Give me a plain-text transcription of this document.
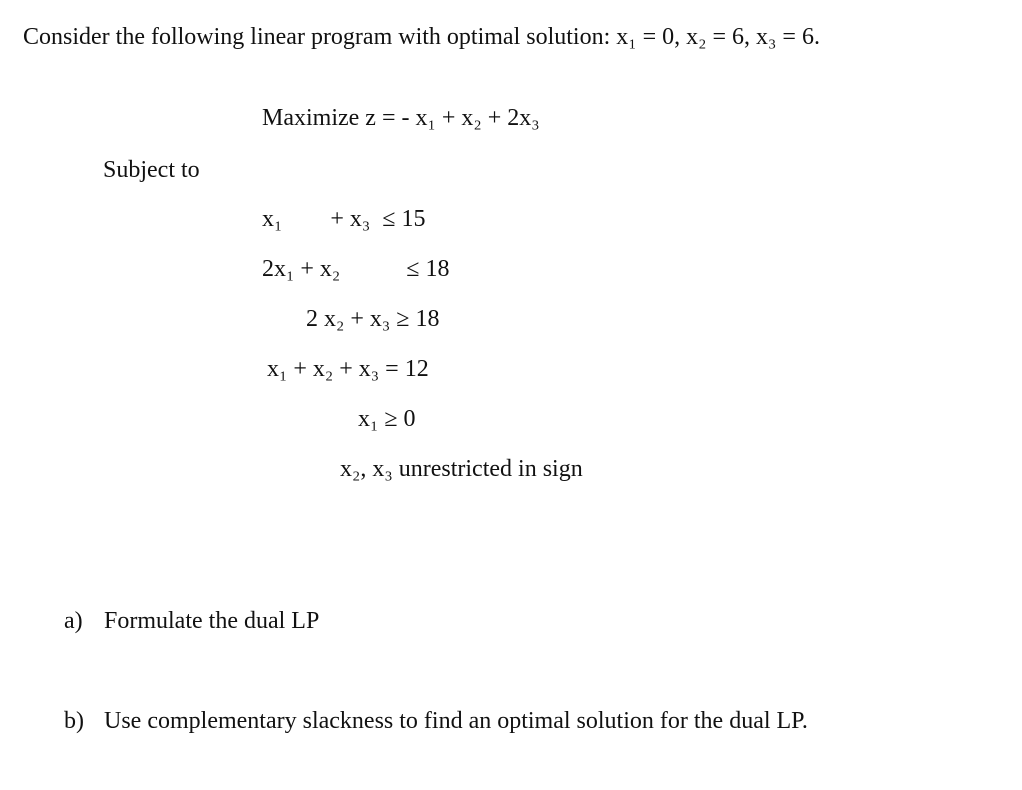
Consider the following linear program with optimal solution: x₁ = 0, x₂ = 6, x₃ = 6.
Maximize z = - x₁ + x₂ + 2x₃
Subject to
x₁        + x₃  ≤ 15
2x₁ + x₂           ≤ 18
2 x₂ + x₃ ≥ 18
x₁ + x₂ + x₃ = 12
x₁ ≥ 0
x₂, x₃ unrestricted in sign
a) Formulate the dual LP
b) Use complementary slackness to find an optimal solution for the dual LP.
